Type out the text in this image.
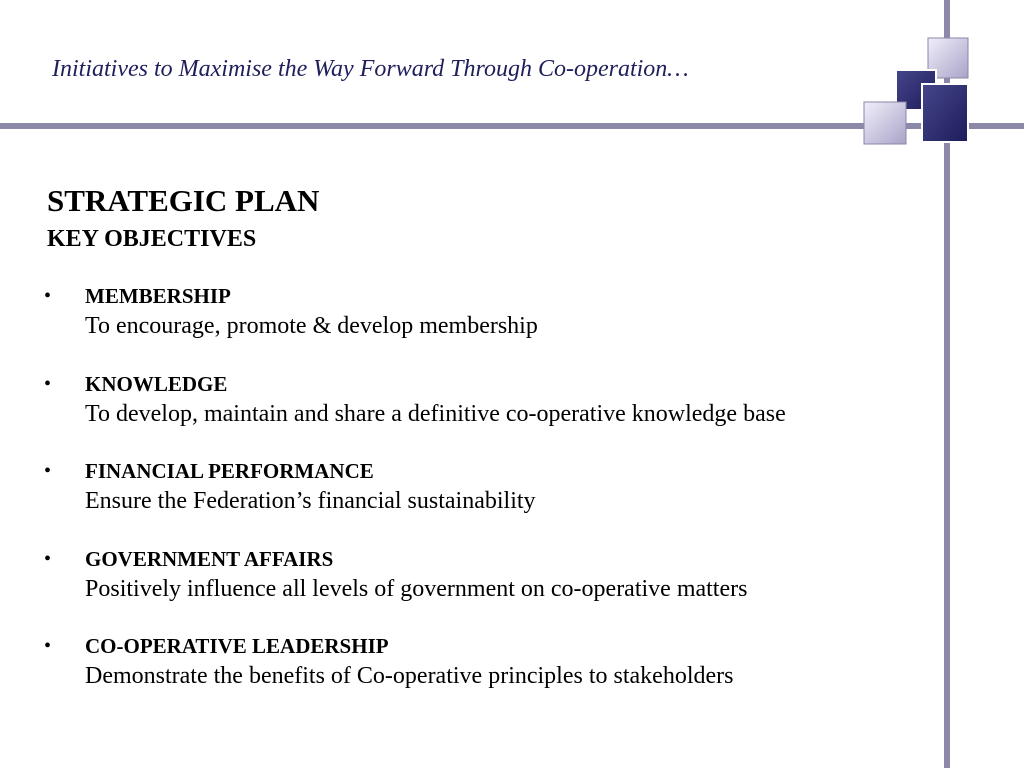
Initiatives to Maximise the Way Forward Through Co-operation…
STRATEGIC PLAN
KEY OBJECTIVES
• MEMBERSHIP
To encourage, promote & develop membership
• KNOWLEDGE
To develop, maintain and share a definitive co-operative knowledge base
• FINANCIAL PERFORMANCE
Ensure the Federation’s financial sustainability
• GOVERNMENT AFFAIRS
Positively influence all levels of government on co-operative matters
• CO-OPERATIVE LEADERSHIP
Demonstrate the benefits of Co-operative principles to stakeholders
